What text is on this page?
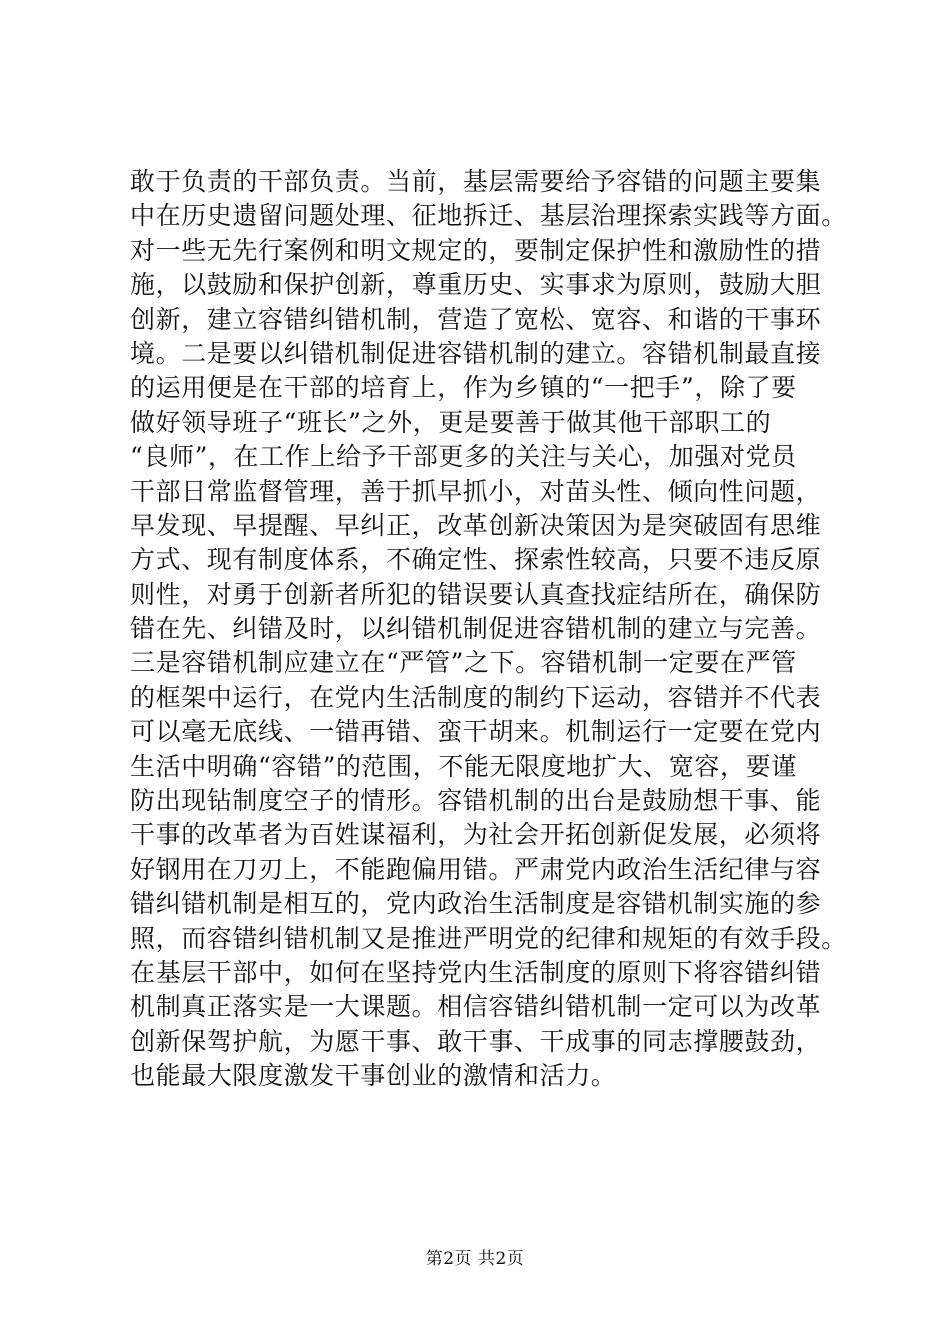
敢于负责的干部负责。当前，基层需要给予容错的问题主要集
中在历史遗留问题处理、征地拆迁、基层治理探索实践等方面。
对一些无先行案例和明文规定的，要制定保护性和激励性的措
施，以鼓励和保护创新，尊重历史、实事求为原则，鼓励大胆
创新，建立容错纠错机制，营造了宽松、宽容、和谐的干事环
境。二是要以纠错机制促进容错机制的建立。容错机制最直接
的运用便是在干部的培育上，作为乡镇的“一把手”，除了要
做好领导班子“班长”之外，更是要善于做其他干部职工的
“良师”，在工作上给予干部更多的关注与关心，加强对党员
干部日常监督管理，善于抓早抓小，对苗头性、倾向性问题，
早发现、早提醒、早纠正，改革创新决策因为是突破固有思维
方式、现有制度体系，不确定性、探索性较高，只要不违反原
则性，对勇于创新者所犯的错误要认真查找症结所在，确保防
错在先、纠错及时，以纠错机制促进容错机制的建立与完善。
三是容错机制应建立在“严管”之下。容错机制一定要在严管
的框架中运行，在党内生活制度的制约下运动，容错并不代表
可以毫无底线、一错再错、蛮干胡来。机制运行一定要在党内
生活中明确“容错”的范围，不能无限度地扩大、宽容，要谨
防出现钻制度空子的情形。容错机制的出台是鼓励想干事、能
干事的改革者为百姓谋福利，为社会开拓创新促发展，必须将
好钢用在刀刃上，不能跑偏用错。严肃党内政治生活纪律与容
错纠错机制是相互的，党内政治生活制度是容错机制实施的参
照，而容错纠错机制又是推进严明党的纪律和规矩的有效手段。
在基层干部中，如何在坚持党内生活制度的原则下将容错纠错
机制真正落实是一大课题。相信容错纠错机制一定可以为改革
创新保驾护航，为愿干事、敢干事、干成事的同志撑腰鼓劲，
也能最大限度激发干事创业的激情和活力。
第2页 共2页
